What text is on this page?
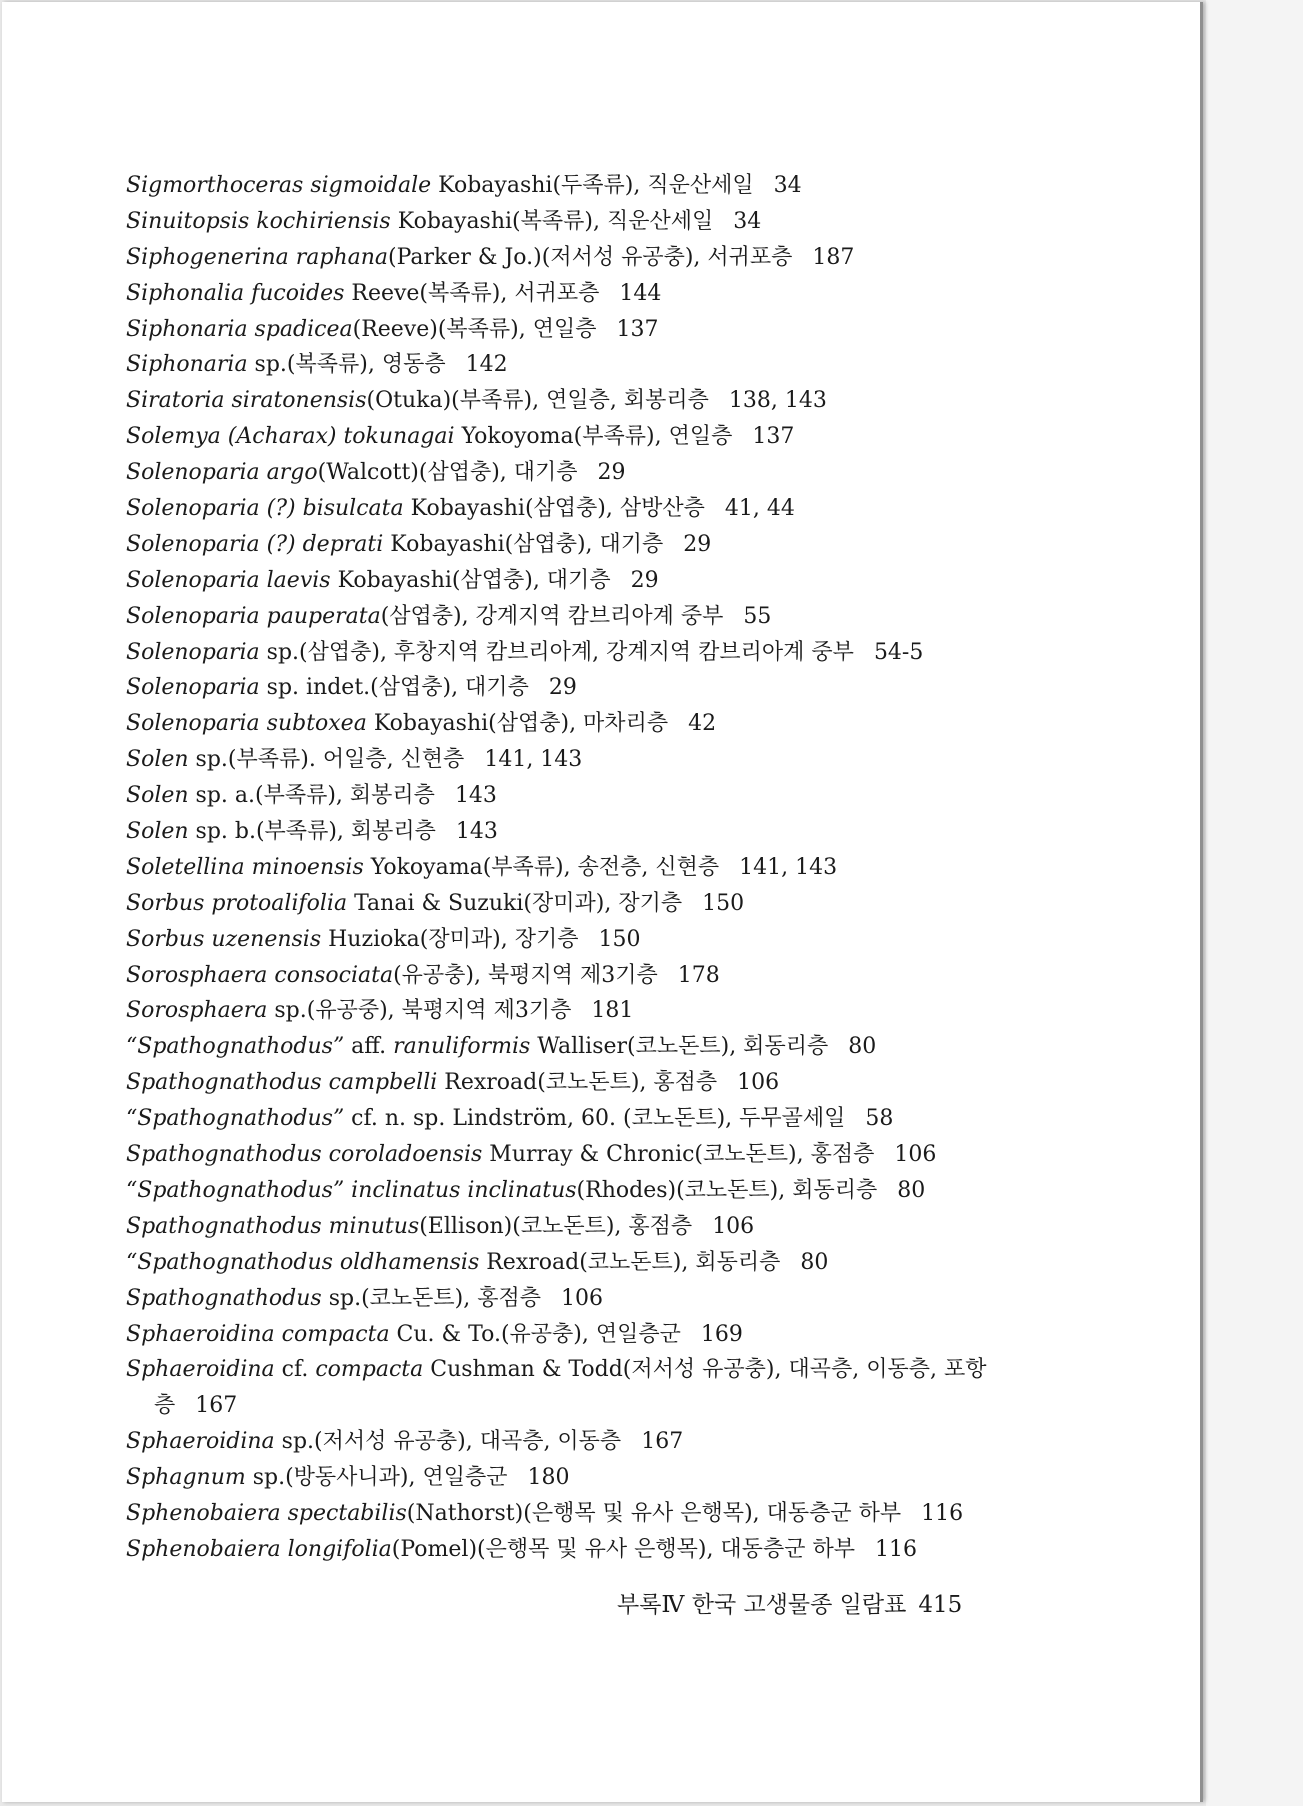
Sigmorthoceras sigmoidale Kobayashi(두족류), 직운산세일 34
Sinuitopsis kochiriensis Kobayashi(복족류), 직운산세일 34
Siphogenerina raphana(Parker & Jo.)(저서성 유공충), 서귀포층 187
Siphonalia fucoides Reeve(복족류), 서귀포층 144
Siphonaria spadicea(Reeve)(복족류), 연일층 137
Siphonaria sp.(복족류), 영동층 142
Siratoria siratonensis(Otuka)(부족류), 연일층, 회봉리층 138, 143
Solemya (Acharax) tokunagai Yokoyoma(부족류), 연일층 137
Solenoparia argo(Walcott)(삼엽충), 대기층 29
Solenoparia (?) bisulcata Kobayashi(삼엽충), 삼방산층 41, 44
Solenoparia (?) deprati Kobayashi(삼엽충), 대기층 29
Solenoparia laevis Kobayashi(삼엽충), 대기층 29
Solenoparia pauperata(삼엽충), 강계지역 캄브리아계 중부 55
Solenoparia sp.(삼엽충), 후창지역 캄브리아계, 강계지역 캄브리아계 중부 54-5
Solenoparia sp. indet.(삼엽충), 대기층 29
Solenoparia subtoxea Kobayashi(삼엽충), 마차리층 42
Solen sp.(부족류). 어일층, 신현층 141, 143
Solen sp. a.(부족류), 회봉리층 143
Solen sp. b.(부족류), 회봉리층 143
Soletellina minoensis Yokoyama(부족류), 송전층, 신현층 141, 143
Sorbus protoalifolia Tanai & Suzuki(장미과), 장기층 150
Sorbus uzenensis Huzioka(장미과), 장기층 150
Sorosphaera consociata(유공충), 북평지역 제3기층 178
Sorosphaera sp.(유공중), 북평지역 제3기층 181
“Spathognathodus” aff. ranuliformis Walliser(코노돈트), 회동리층 80
Spathognathodus campbelli Rexroad(코노돈트), 홍점층 106
“Spathognathodus” cf. n. sp. Lindström, 60. (코노돈트), 두무골세일 58
Spathognathodus coroladoensis Murray & Chronic(코노돈트), 홍점층 106
“Spathognathodus” inclinatus inclinatus(Rhodes)(코노돈트), 회동리층 80
Spathognathodus minutus(Ellison)(코노돈트), 홍점층 106
“Spathognathodus oldhamensis Rexroad(코노돈트), 회동리층 80
Spathognathodus sp.(코노돈트), 홍점층 106
Sphaeroidina compacta Cu. & To.(유공충), 연일층군 169
Sphaeroidina cf. compacta Cushman & Todd(저서성 유공충), 대곡층, 이동층, 포항
층 167
Sphaeroidina sp.(저서성 유공충), 대곡층, 이동층 167
Sphagnum sp.(방동사니과), 연일층군 180
Sphenobaiera spectabilis(Nathorst)(은행목 및 유사 은행목), 대동층군 하부 116
Sphenobaiera longifolia(Pomel)(은행목 및 유사 은행목), 대동층군 하부 116
부록Ⅳ 한국 고생물종 일람표 415
